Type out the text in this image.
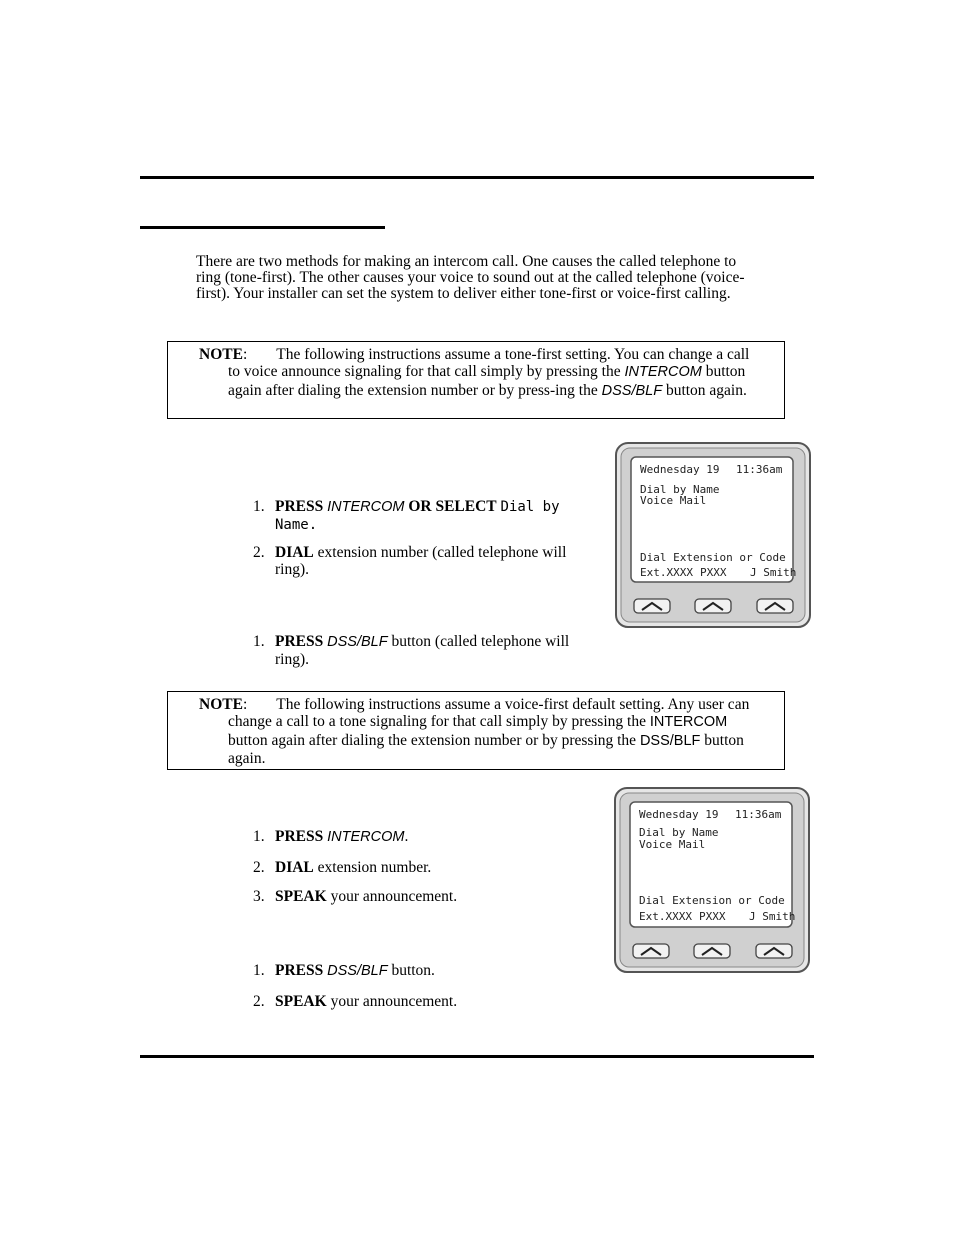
There are two methods for making an intercom call. One causes the called telephone to ring (tone-first). The other causes your voice to sound out at the called telephone (voice-first). Your installer can set the system to deliver either tone-first or voice-first calling.

NOTE: The following instructions assume a tone-first setting. You can change a call to voice announce signaling for that call simply by pressing the INTERCOM button again after dialing the extension number or by press-ing the DSS/BLF button again.
1. PRESS INTERCOM OR SELECT Dial by Name.
2. DIAL extension number (called telephone will ring).
1. PRESS DSS/BLF button (called telephone will ring).
NOTE: The following instructions assume a voice-first default setting. Any user can change a call to a tone signaling for that call simply by pressing the INTERCOM button again after dialing the extension number or by pressing the DSS/BLF button again.
1. PRESS INTERCOM.
2. DIAL extension number.
3. SPEAK your announcement.
1. PRESS DSS/BLF button.
2. SPEAK your announcement.
Wednesday 19 11:36am
Dial by Name
Voice Mail
Dial Extension or Code
Ext.XXXX PXXX J Smith
Wednesday 19 11:36am
Dial by Name
Voice Mail
Dial Extension or Code
Ext.XXXX PXXX J Smith
